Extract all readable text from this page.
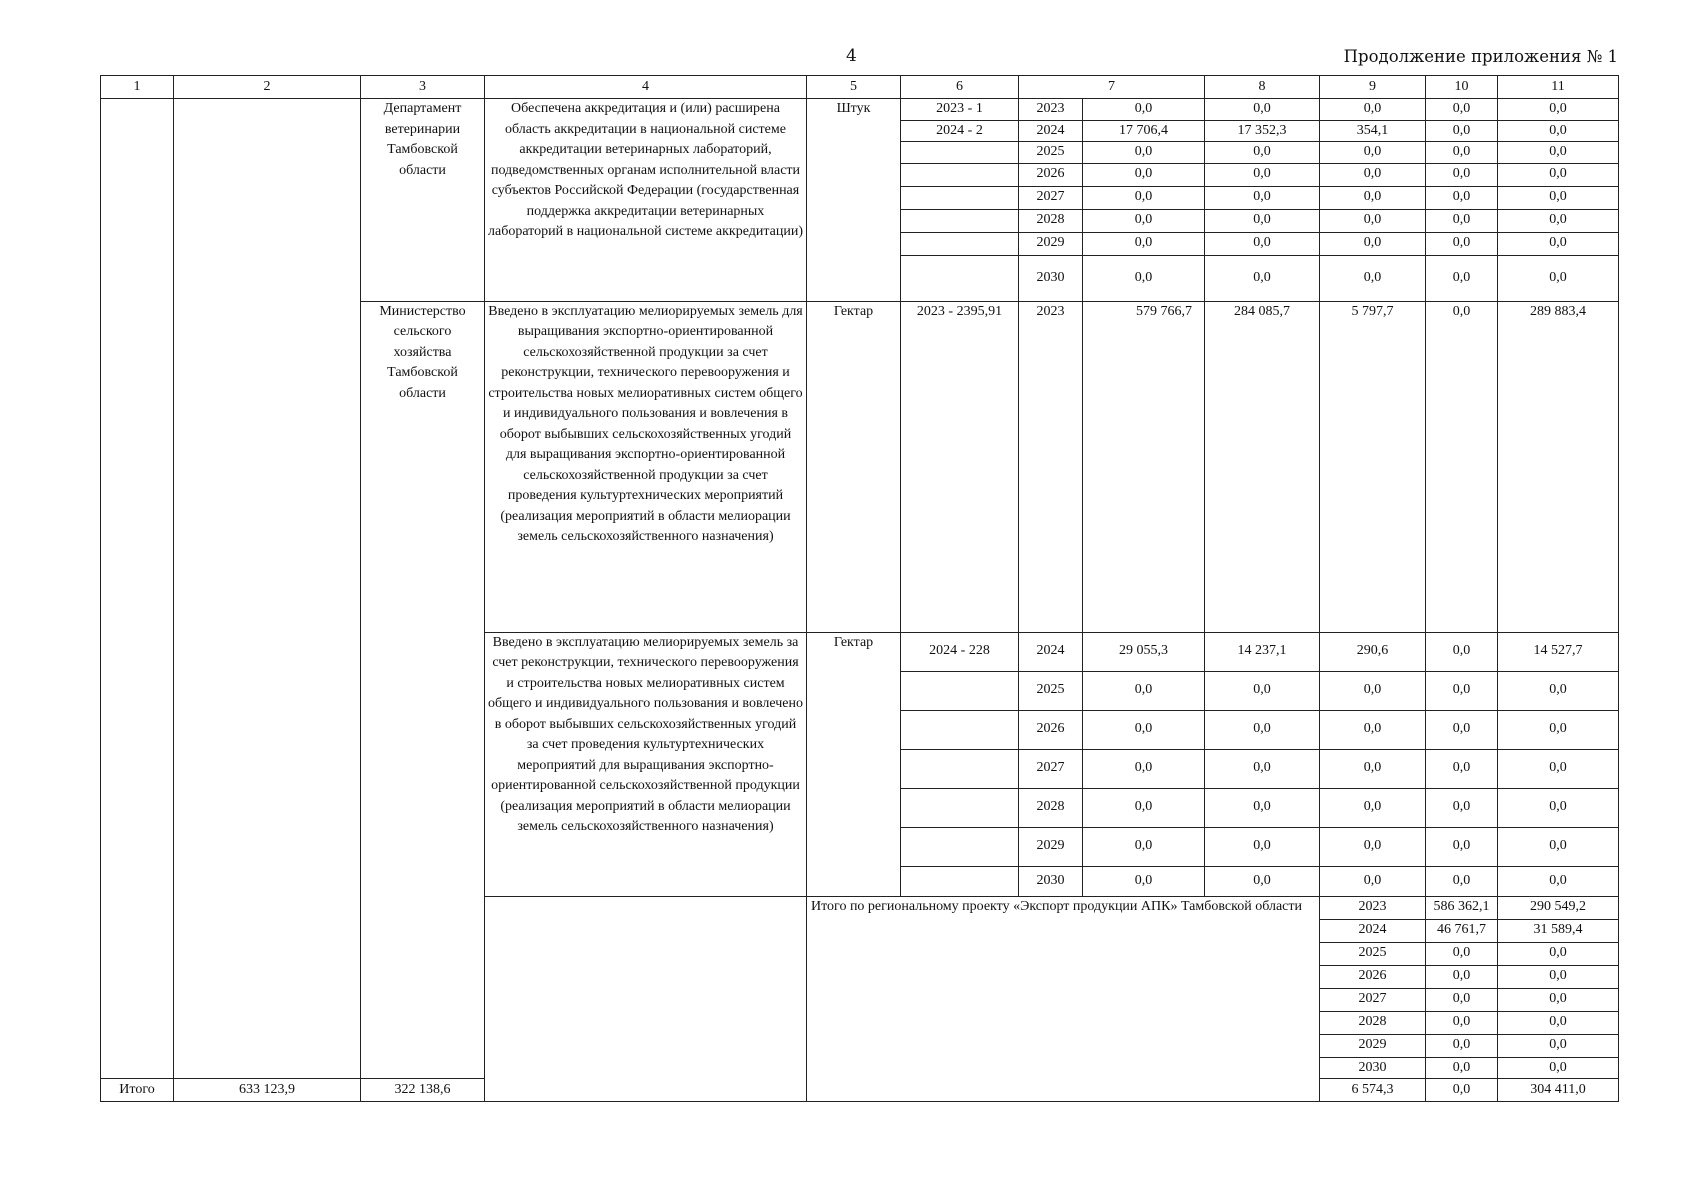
4	Продолжение приложения № 1
1	2	3	4	5	6	7		8	9	10	11	
		Департамент ветеринарии Тамбовской области	Обеспечена аккредитация и (или) расширена область аккредитации в национальной системе аккредитации ветеринарных лабораторий, подведомственных органам исполнительной власти субъектов Российской Федерации (государственная поддержка аккредитации ветеринарных лабораторий в национальной системе аккредитации)	Штук	2023 - 1	2023	0,0	0,0	0,0	0,0	0,0	
					2024 - 2	2024	17 706,4	17 352,3	354,1	0,0	0,0	
						2025	0,0	0,0	0,0	0,0	0,0	
						2026	0,0	0,0	0,0	0,0	0,0	
						2027	0,0	0,0	0,0	0,0	0,0	
						2028	0,0	0,0	0,0	0,0	0,0	
						2029	0,0	0,0	0,0	0,0	0,0	
						2030	0,0	0,0	0,0	0,0	0,0	
		Министерство сельского хозяйства Тамбовской области	Введено в эксплуатацию мелиорируемых земель для выращивания экспортно-ориентированной сельскохозяйственной продукции за счет реконструкции, технического перевооружения и строительства новых мелиоративных систем общего и индивидуального пользования и вовлечения в оборот выбывших сельскохозяйственных угодий для выращивания экспортно-ориентированной сельскохозяйственной продукции за счет проведения культуртехнических мероприятий (реализация мероприятий в области мелиорации земель сельскохозяйственного назначения)	Гектар	2023 - 2395,91	2023	579 766,7	284 085,7	5 797,7	0,0	289 883,4	
			Введено в эксплуатацию мелиорируемых земель за счет реконструкции, технического перевооружения и строительства новых мелиоративных систем общего и индивидуального пользования и вовлечено в оборот выбывших сельскохозяйственных угодий за счет проведения культуртехнических мероприятий для выращивания экспортно-ориентированной сельскохозяйственной продукции (реализация мероприятий в области мелиорации земель сельскохозяйственного назначения)	Гектар	2024 - 228	2024	29 055,3	14 237,1	290,6	0,0	14 527,7	
						2025	0,0	0,0	0,0	0,0	0,0	
						2026	0,0	0,0	0,0	0,0	0,0	
						2027	0,0	0,0	0,0	0,0	0,0	
						2028	0,0	0,0	0,0	0,0	0,0	
						2029	0,0	0,0	0,0	0,0	0,0	
						2030	0,0	0,0	0,0	0,0	0,0	
				Итого по региональному проекту «Экспорт продукции АПК» Тамбовской области					2023	586 362,1	290 549,2			
									2024	46 761,7	31 589,4			
									2025	0,0	0,0			
									2026	0,0	0,0			
									2027	0,0	0,0			
									2028	0,0	0,0			
									2029	0,0	0,0			
									2030	0,0	0,0			
Итого	633 123,9	322 138,6							6 574,3	0,0	304 411,0	
